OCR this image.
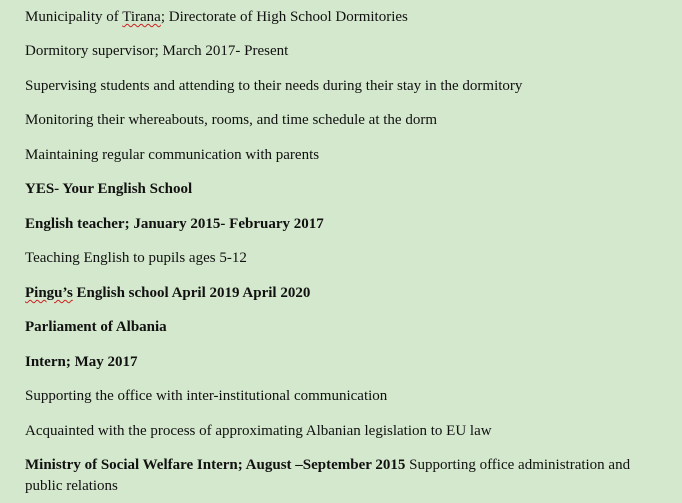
Municipality of Tirana; Directorate of High School Dormitories
Dormitory supervisor; March 2017- Present
Supervising students and attending to their needs during their stay in the dormitory
Monitoring their whereabouts, rooms, and time schedule at the dorm
Maintaining regular communication with parents
YES- Your English School
English teacher; January 2015- February 2017
Teaching English to pupils ages 5-12
Pingu’s English school April 2019 April 2020
Parliament of Albania
Intern; May 2017
Supporting the office with inter-institutional communication
Acquainted with the process of approximating Albanian legislation to EU law
Ministry of Social Welfare Intern; August –September 2015 Supporting office administration and public relations
